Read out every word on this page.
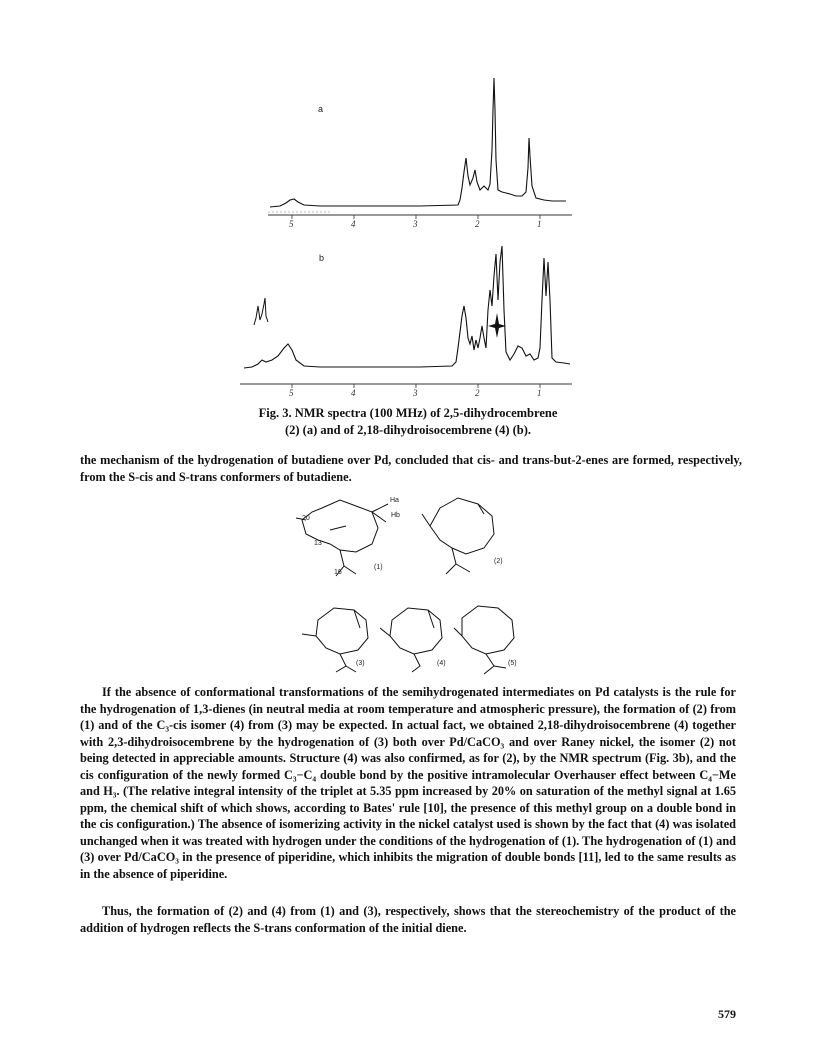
a
5	4	3	2	1
b
5	4	3	2	1
Fig. 3. NMR spectra (100 MHz) of 2,5-dihydrocembrene
(2) (a) and of 2,18-dihydroisocembrene (4) (b).

the mechanism of the hydrogenation of butadiene over Pd, concluded that cis- and trans-but-2-enes are formed, respectively, from the S-cis and S-trans conformers of butadiene.

Ha
Hb
20
13
16
(1)
(2)
(3)	(4)	(5)

If the absence of conformational transformations of the semihydrogenated intermediates on Pd catalysts is the rule for the hydrogenation of 1,3-dienes (in neutral media at room temperature and atmospheric pressure), the formation of (2) from (1) and of the C₃-cis isomer (4) from (3) may be expected. In actual fact, we obtained 2,18-dihydroisocembrene (4) together with 2,3-dihydroisocembrene by the hydrogenation of (3) both over Pd/CaCO₃ and over Raney nickel, the isomer (2) not being detected in appreciable amounts. Structure (4) was also confirmed, as for (2), by the NMR spectrum (Fig. 3b), and the cis configuration of the newly formed C₃−C₄ double bond by the positive intramolecular Overhauser effect between C₄−Me and H₃. (The relative integral intensity of the triplet at 5.35 ppm increased by 20% on saturation of the methyl signal at 1.65 ppm, the chemical shift of which shows, according to Bates' rule [10], the presence of this methyl group on a double bond in the cis configuration.) The absence of isomerizing activity in the nickel catalyst used is shown by the fact that (4) was isolated unchanged when it was treated with hydrogen under the conditions of the hydrogenation of (1). The hydrogenation of (1) and (3) over Pd/CaCO₃ in the presence of piperidine, which inhibits the migration of double bonds [11], led to the same results as in the absence of piperidine.

Thus, the formation of (2) and (4) from (1) and (3), respectively, shows that the stereochemistry of the product of the addition of hydrogen reflects the S-trans conformation of the initial diene.

579
